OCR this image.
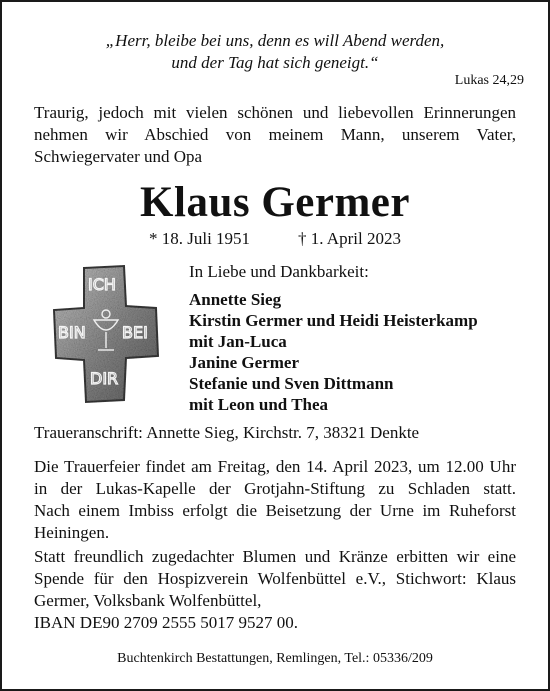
„Herr, bleibe bei uns, denn es will Abend werden,
und der Tag hat sich geneigt.“
Lukas 24,29
Traurig, jedoch mit vielen schönen und liebevollen Erinnerungen
nehmen wir Abschied von meinem Mann, unserem Vater,
Schwiegervater und Opa
Klaus Germer
* 18. Juli 1951	† 1. April 2023
ICH
BIN BEI
DIR
In Liebe und Dankbarkeit:
Annette Sieg
Kirstin Germer und Heidi Heisterkamp
mit Jan-Luca
Janine Germer
Stefanie und Sven Dittmann
mit Leon und Thea
Traueranschrift: Annette Sieg, Kirchstr. 7, 38321 Denkte
Die Trauerfeier findet am Freitag, den 14. April 2023, um 12.00 Uhr
in der Lukas-Kapelle der Grotjahn-Stiftung zu Schladen statt.
Nach einem Imbiss erfolgt die Beisetzung der Urne im Ruheforst
Heiningen.
Statt freundlich zugedachter Blumen und Kränze erbitten wir eine
Spende für den Hospizverein Wolfenbüttel e.V., Stichwort: Klaus
Germer, Volksbank Wolfenbüttel,
IBAN DE90 2709 2555 5017 9527 00.
Buchtenkirch Bestattungen, Remlingen, Tel.: 05336/209
